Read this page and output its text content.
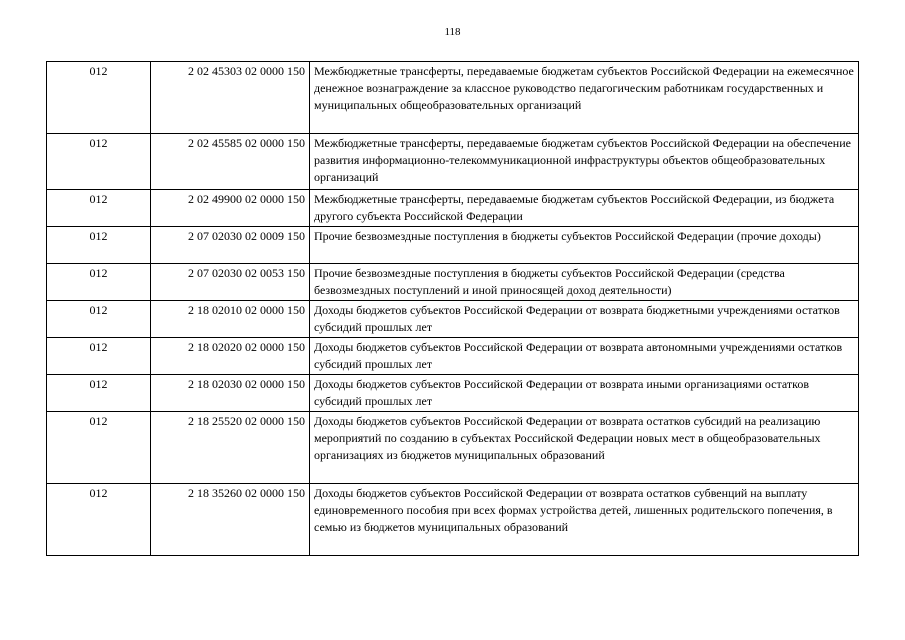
118
012	2 02 45303 02 0000 150	Межбюджетные трансферты, передаваемые бюджетам субъектов Российской Федерации на ежемесячное денежное вознаграждение за классное руководство педагогическим работникам государственных и муниципальных общеобразовательных организаций
012	2 02 45585 02 0000 150	Межбюджетные трансферты, передаваемые бюджетам субъектов Российской Федерации на обеспечение развития информационно-телекоммуникационной инфраструктуры объектов общеобразовательных организаций
012	2 02 49900 02 0000 150	Межбюджетные трансферты, передаваемые бюджетам субъектов Российской Федерации, из бюджета другого субъекта Российской Федерации
012	2 07 02030 02 0009 150	Прочие безвозмездные поступления в бюджеты субъектов Российской Федерации (прочие доходы)
012	2 07 02030 02 0053 150	Прочие безвозмездные поступления в бюджеты субъектов Российской Федерации (средства безвозмездных поступлений и иной приносящей доход деятельности)
012	2 18 02010 02 0000 150	Доходы бюджетов субъектов Российской Федерации от возврата бюджетными учреждениями остатков субсидий прошлых лет
012	2 18 02020 02 0000 150	Доходы бюджетов субъектов Российской Федерации от возврата автономными учреждениями остатков субсидий прошлых лет
012	2 18 02030 02 0000 150	Доходы бюджетов субъектов Российской Федерации от возврата иными организациями остатков субсидий прошлых лет
012	2 18 25520 02 0000 150	Доходы бюджетов субъектов Российской Федерации от возврата остатков субсидий на реализацию мероприятий по созданию в субъектах Российской Федерации новых мест в общеобразовательных организациях из бюджетов муниципальных образований
012	2 18 35260 02 0000 150	Доходы бюджетов субъектов Российской Федерации от возврата остатков субвенций на выплату единовременного пособия при всех формах устройства детей, лишенных родительского попечения, в семью из бюджетов муниципальных образований
